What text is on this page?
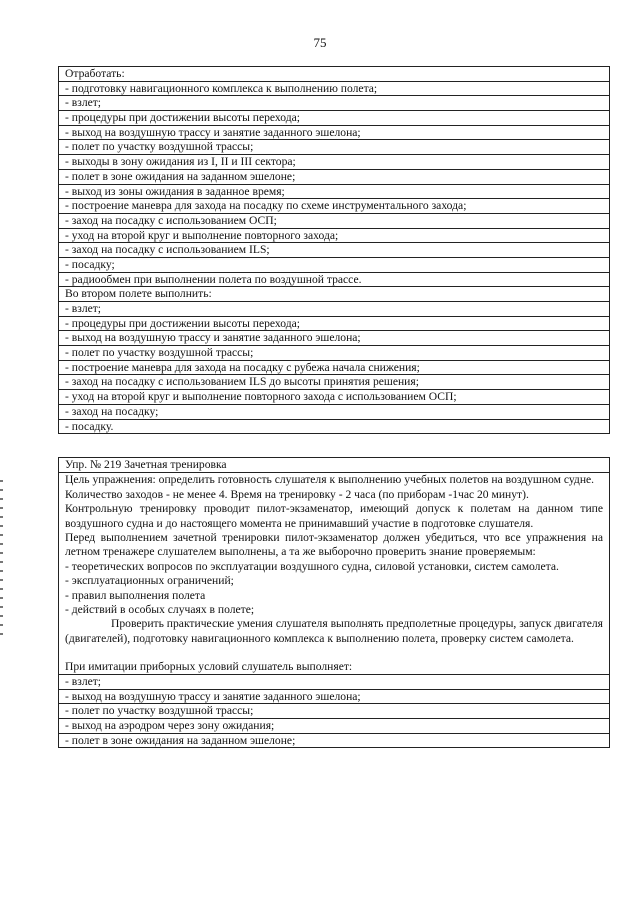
75
Отработать:
- подготовку навигационного комплекса к выполнению полета;
- взлет;
- процедуры при достижении высоты перехода;
- выход на воздушную трассу и занятие заданного эшелона;
- полет по участку воздушной трассы;
- выходы в зону ожидания из I, II и III сектора;
- полет в зоне ожидания на заданном эшелоне;
- выход из зоны ожидания в заданное время;
- построение маневра для захода на посадку по схеме инструментального захода;
- заход на посадку с использованием ОСП;
- уход на второй круг и выполнение повторного захода;
- заход на посадку с использованием ILS;
- посадку;
- радиообмен при выполнении полета по воздушной трассе.
Во втором полете выполнить:
- взлет;
- процедуры при достижении высоты перехода;
- выход на воздушную трассу и занятие заданного эшелона;
- полет по участку воздушной трассы;
- построение маневра для захода на посадку с рубежа начала снижения;
- заход на посадку с использованием ILS до высоты принятия решения;
- уход на второй круг и выполнение повторного захода с использованием ОСП;
- заход на посадку;
- посадку.
Упр. № 219 Зачетная тренировка
Цель упражнения: определить готовность слушателя к выполнению учебных полетов на воздушном судне.
Количество заходов - не менее 4. Время на тренировку - 2 часа (по приборам -1час 20 минут).
Контрольную тренировку проводит пилот-экзаменатор, имеющий допуск к полетам на данном типе воздушного судна и до настоящего момента не принимавший участие в подготовке слушателя.
Перед выполнением зачетной тренировки пилот-экзаменатор должен убедиться, что все упражнения на летном тренажере слушателем выполнены, а та же выборочно проверить знание проверяемым:
- теоретических вопросов по эксплуатации воздушного судна, силовой установки, систем самолета.
- эксплуатационных ограничений;
- правил выполнения полета
- действий в особых случаях в полете;
Проверить практические умения слушателя выполнять предполетные процедуры, запуск двигателя (двигателей), подготовку навигационного комплекса к выполнению полета, проверку систем самолета.
При имитации приборных условий слушатель выполняет:
- взлет;
- выход на воздушную трассу и занятие заданного эшелона;
- полет по участку воздушной трассы;
- выход на аэродром через зону ожидания;
- полет в зоне ожидания на заданном эшелоне;
